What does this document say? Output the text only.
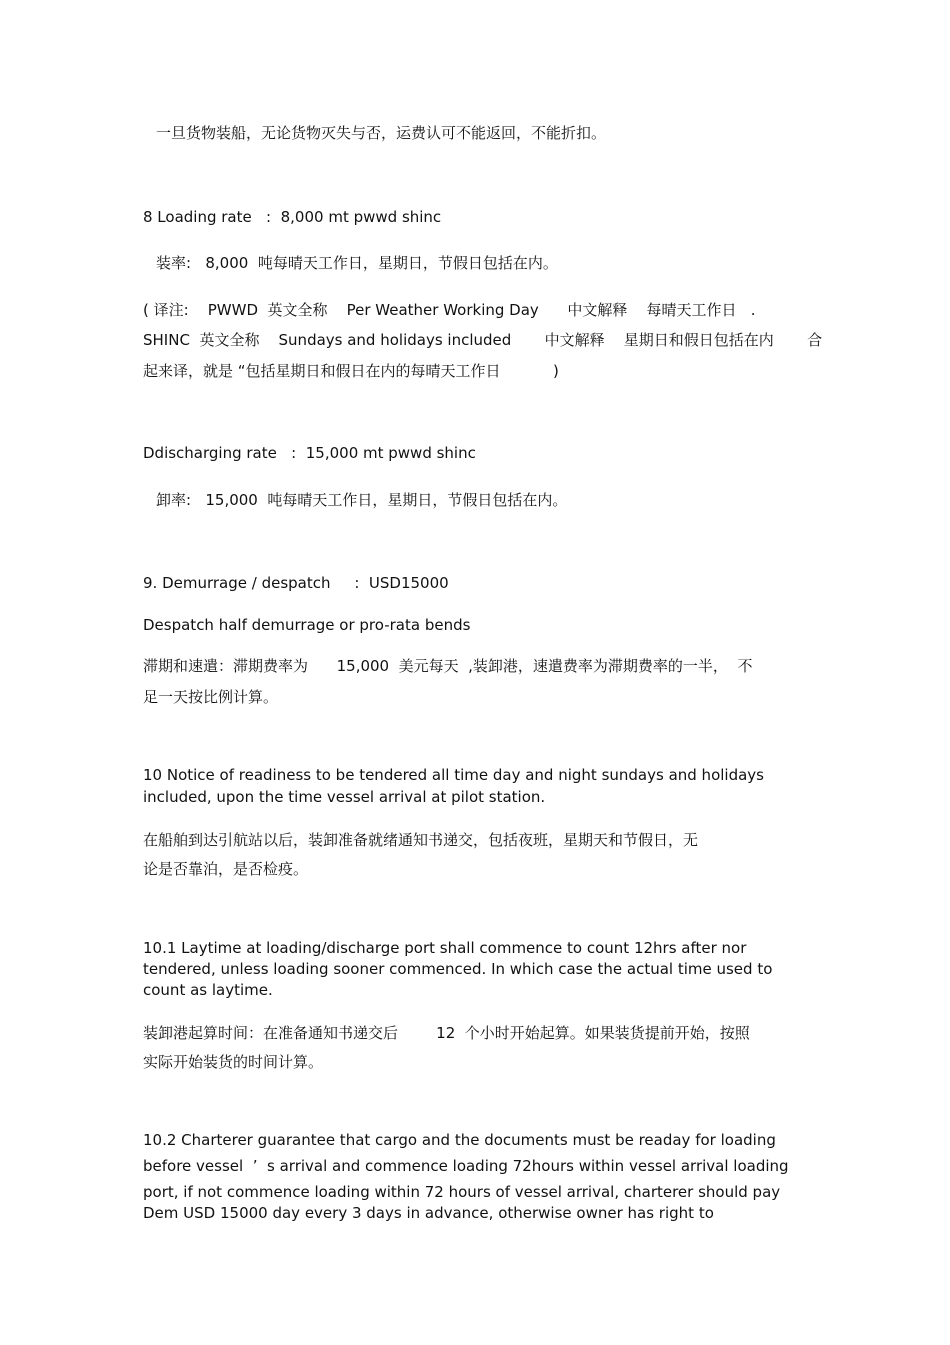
一旦货物装船，无论货物灭失与否，运费认可不能返回，不能折扣。

8 Loading rate   :  8,000 mt pwwd shinc

装率:   8,000  吨每晴天工作日，星期日，节假日包括在内。

( 译注:    PWWD  英文全称    Per Weather Working Day      中文解释    每晴天工作日   .

SHINC  英文全称    Sundays and holidays included       中文解释    星期日和假日包括在内       合

起来译，就是 “包括星期日和假日在内的每晴天工作日           )

Ddischarging rate   :  15,000 mt pwwd shinc

卸率:   15,000  吨每晴天工作日，星期日，节假日包括在内。

9. Demurrage / despatch     :  USD15000

Despatch half demurrage or pro-rata bends

滞期和速遣：滞期费率为      15,000  美元每天  ,装卸港，速遣费率为滞期费率的一半，  不

足一天按比例计算。

10 Notice of readiness to be tendered all time day and night sundays and holidays

included, upon the time vessel arrival at pilot station.

在船舶到达引航站以后，装卸准备就绪通知书递交，包括夜班，星期天和节假日，无

论是否靠泊，是否检疫。

10.1 Laytime at loading/discharge port shall commence to count 12hrs after nor

tendered, unless loading sooner commenced. In which case the actual time used to

count as laytime.

装卸港起算时间：在准备通知书递交后        12  个小时开始起算。如果装货提前开始，按照

实际开始装货的时间计算。

10.2 Charterer guarantee that cargo and the documents must be readay for loading

before vessel  ’  s arrival and commence loading 72hours within vessel arrival loading

port, if not commence loading within 72 hours of vessel arrival, charterer should pay

Dem USD 15000 day every 3 days in advance, otherwise owner has right to
